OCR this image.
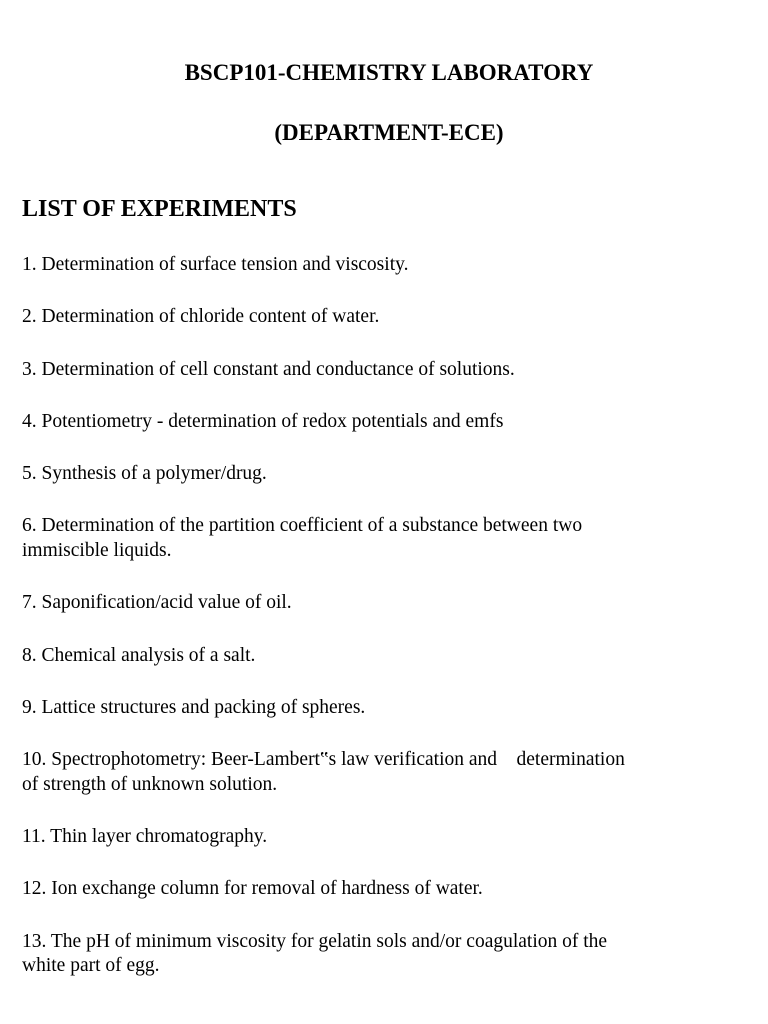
BSCP101-CHEMISTRY LABORATORY
(DEPARTMENT-ECE)
LIST OF EXPERIMENTS
1. Determination of surface tension and viscosity.
2. Determination of chloride content of water.
3. Determination of cell constant and conductance of solutions.
4. Potentiometry - determination of redox potentials and emfs
5. Synthesis of a polymer/drug.
6. Determination of the partition coefficient of a substance between two
immiscible liquids.
7. Saponification/acid value of oil.
8. Chemical analysis of a salt.
9. Lattice structures and packing of spheres.
10. Spectrophotometry: Beer-Lambert‟s law verification and    determination
of strength of unknown solution.
11. Thin layer chromatography.
12. Ion exchange column for removal of hardness of water.
13. The pH of minimum viscosity for gelatin sols and/or coagulation of the
white part of egg.
